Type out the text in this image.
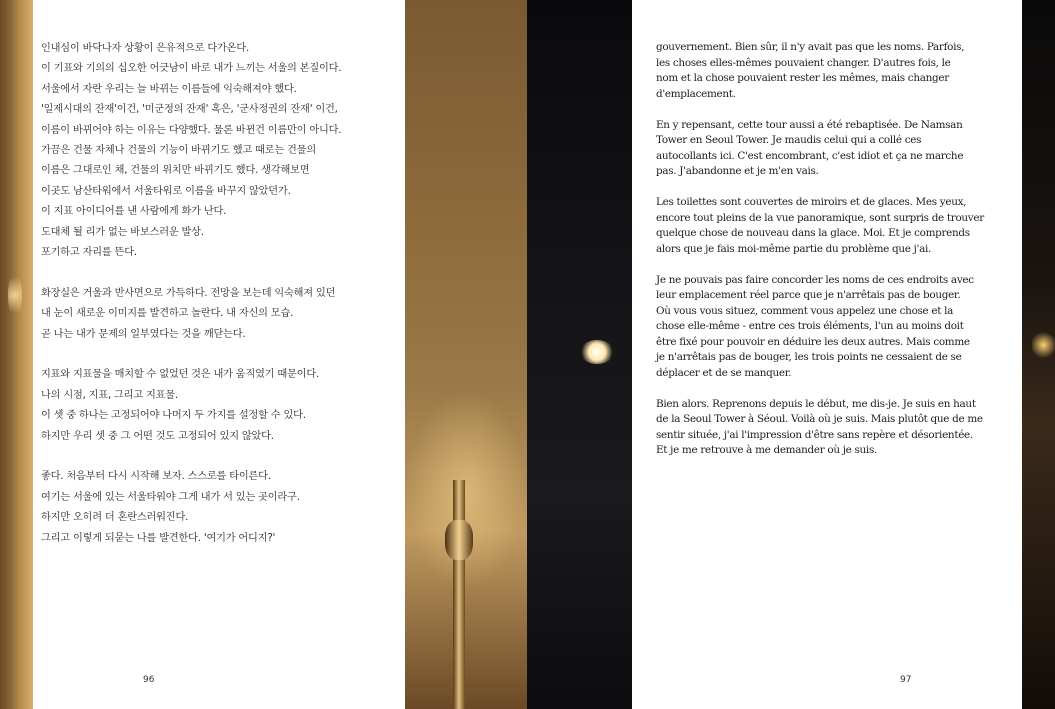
인내심이 바닥나자 상황이 은유적으로 다가온다.
이 기표와 기의의 십오한 어긋남이 바로 내가 느끼는 서울의 본질이다.
서울에서 자란 우리는 늘 바뀌는 이름들에 익숙해져야 했다.
'일제시대의 잔재'이건, '미군정의 잔재' 혹은, '군사정권의 잔재' 이건,
이름이 바뀌어야 하는 이유는 다양했다. 물론 바뀐건 이름만이 아니다.
가끔은 건물 자체나 건물의 기능이 바뀌기도 했고 때로는 건물의
이름은 그대로인 채, 건물의 위치만 바뀌기도 했다. 생각해보면
이곳도 남산타워에서 서울타워로 이름을 바꾸지 않았던가.
이 지표 아이디어를 낸 사람에게 화가 난다.
도대체 될 리가 없는 바보스러운 발상.
포기하고 자리를 뜬다.

화장실은 거울과 반사면으로 가득하다. 전망을 보는데 익숙해져 있던
내 눈이 새로운 이미지를 발견하고 놀란다. 내 자신의 모습.
곧 나는 내가 문제의 일부였다는 것을 깨닫는다.

지표와 지표물을 매치할 수 없었던 것은 내가 움직였기 때문이다.
나의 시점, 지표, 그리고 지표물.
이 셋 중 하나는 고정되어야 나머지 두 가지를 설정할 수 있다.
하지만 우리 셋 중 그 어떤 것도 고정되어 있지 않았다.

좋다. 처음부터 다시 시작해 보자. 스스로를 타이른다.
여기는 서울에 있는 서울타워야 그게 내가 서 있는 곳이라구.
하지만 오히려 더 혼란스러워진다.
그리고 이렇게 되묻는 나를 발견한다. '여기가 어디지?'

96

gouvernement. Bien sûr, il n'y avait pas que les noms. Parfois,
les choses elles-mêmes pouvaient changer. D'autres fois, le
nom et la chose pouvaient rester les mêmes, mais changer
d'emplacement.

En y repensant, cette tour aussi a été rebaptisée. De Namsan
Tower en Seoul Tower. Je maudis celui qui a collé ces
autocollants ici. C'est encombrant, c'est idiot et ça ne marche
pas. J'abandonne et je m'en vais.

Les toilettes sont couvertes de miroirs et de glaces. Mes yeux,
encore tout pleins de la vue panoramique, sont surpris de trouver
quelque chose de nouveau dans la glace. Moi. Et je comprends
alors que je fais moi-même partie du problème que j'ai.

Je ne pouvais pas faire concorder les noms de ces endroits avec
leur emplacement réel parce que je n'arrêtais pas de bouger.
Où vous vous situez, comment vous appelez une chose et la
chose elle-même - entre ces trois éléments, l'un au moins doit
être fixé pour pouvoir en déduire les deux autres. Mais comme
je n'arrêtais pas de bouger, les trois points ne cessaient de se
déplacer et de se manquer.

Bien alors. Reprenons depuis le début, me dis-je. Je suis en haut
de la Seoul Tower à Séoul. Voilà où je suis. Mais plutôt que de me
sentir située, j'ai l'impression d'être sans repère et désorientée.
Et je me retrouve à me demander où je suis.

97
